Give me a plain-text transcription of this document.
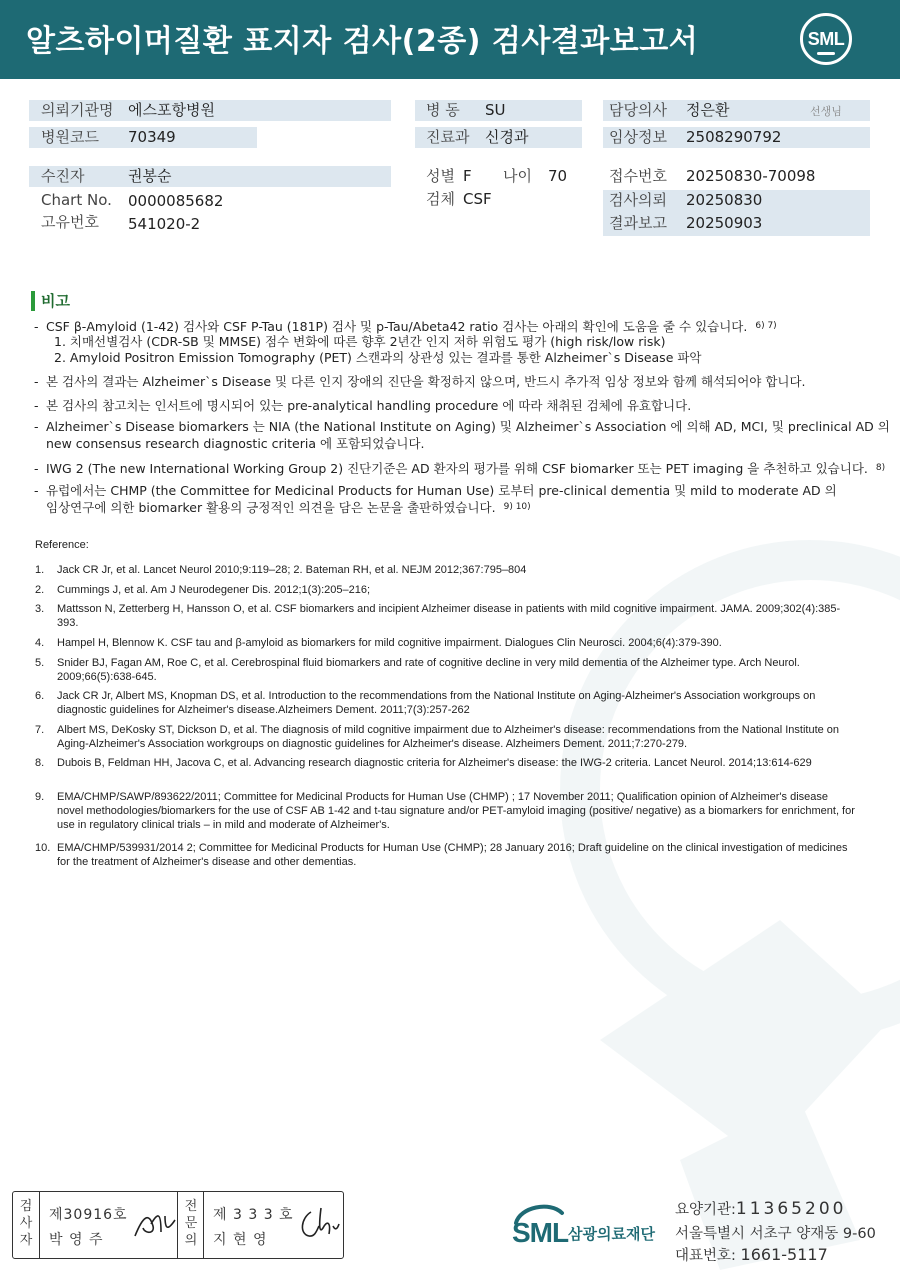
알츠하이머질환 표지자 검사(2종) 검사결과보고서	SML
의뢰기관명 에스포항병원
병원코드 70349
병 동 SU
진료과 신경과
담당의사 정은환	선생님
임상정보 2508290792
수진자	권봉순
Chart No. 0000085682
고유번호 541020-2
성별 F 나이 70
검체 CSF
접수번호 20250830-70098
검사의뢰 20250830
결과보고 20250903
비고
- CSF β-Amyloid (1-42) 검사와 CSF P-Tau (181P) 검사 및 p-Tau/Abeta42 ratio 검사는 아래의 확인에 도움을 줄 수 있습니다. $^{6) 7)}$
1. 치매선별검사 (CDR-SB 및 MMSE) 점수 변화에 따른 향후 2년간 인지 저하 위험도 평가 (high risk/low risk)
2. Amyloid Positron Emission Tomography (PET) 스캔과의 상관성 있는 결과를 통한 Alzheimer`s Disease 파악
- 본 검사의 결과는 Alzheimer`s Disease 및 다른 인지 장애의 진단을 확정하지 않으며, 반드시 추가적 임상 정보와 함께 해석되어야 합니다.
- 본 검사의 참고치는 인서트에 명시되어 있는 pre-analytical handling procedure 에 따라 채취된 검체에 유효합니다.
- Alzheimer`s Disease biomarkers 는 NIA (the National Institute on Aging) 및 Alzheimer`s Association 에 의해 AD, MCI, 및 preclinical AD 의
new consensus research diagnostic criteria 에 포함되었습니다.
- IWG 2 (The new International Working Group 2) 진단기준은 AD 환자의 평가를 위해 CSF biomarker 또는 PET imaging 을 추천하고 있습니다. $^{8)}$
- 유럽에서는 CHMP (the Committee for Medicinal Products for Human Use) 로부터 pre-clinical dementia 및 mild to moderate AD 의
임상연구에 의한 biomarker 활용의 긍정적인 의견을 담은 논문을 출판하였습니다. $^{9) 10)}$
Reference:
1. Jack CR Jr, et al. Lancet Neurol 2010;9:119–28; 2. Bateman RH, et al. NEJM 2012;367:795–804
2. Cummings J, et al. Am J Neurodegener Dis. 2012;1(3):205–216;
3. Mattsson N, Zetterberg H, Hansson O, et al. CSF biomarkers and incipient Alzheimer disease in patients with mild cognitive impairment. JAMA. 2009;302(4):385-393.
4. Hampel H, Blennow K. CSF tau and β-amyloid as biomarkers for mild cognitive impairment. Dialogues Clin Neurosci. 2004;6(4):379-390.
5. Snider BJ, Fagan AM, Roe C, et al. Cerebrospinal fluid biomarkers and rate of cognitive decline in very mild dementia of the Alzheimer type. Arch Neurol. 2009;66(5):638-645.
6. Jack CR Jr, Albert MS, Knopman DS, et al. Introduction to the recommendations from the National Institute on Aging-Alzheimer's Association workgroups on diagnostic guidelines for Alzheimer's disease.Alzheimers Dement. 2011;7(3):257-262
7. Albert MS, DeKosky ST, Dickson D, et al. The diagnosis of mild cognitive impairment due to Alzheimer's disease: recommendations from the National Institute on Aging-Alzheimer's Association workgroups on diagnostic guidelines for Alzheimer's disease. Alzheimers Dement. 2011;7:270-279.
8. Dubois B, Feldman HH, Jacova C, et al. Advancing research diagnostic criteria for Alzheimer's disease: the IWG-2 criteria. Lancet Neurol. 2014;13:614-629
9. EMA/CHMP/SAWP/893622/2011; Committee for Medicinal Products for Human Use (CHMP) ; 17 November 2011; Qualification opinion of Alzheimer's disease novel methodologies/biomarkers for the use of CSF AB 1-42 and t-tau signature and/or PET-amyloid imaging (positive/ negative) as a biomarkers for enrichment, for use in regulatory clinical trials – in mild and moderate of Alzheimer's.
10. EMA/CHMP/539931/2014 2; Committee for Medicinal Products for Human Use (CHMP); 28 January 2016; Draft guideline on the clinical investigation of medicines for the treatment of Alzheimer's disease and other dementias.
검사자
제30916호
박 영 주
전문의
제 3 3 3 호
지 현 영	SML 삼광의료재단
요양기관:11365200
서울특별시 서초구 양재동 9-60
대표번호: 1661-5117
